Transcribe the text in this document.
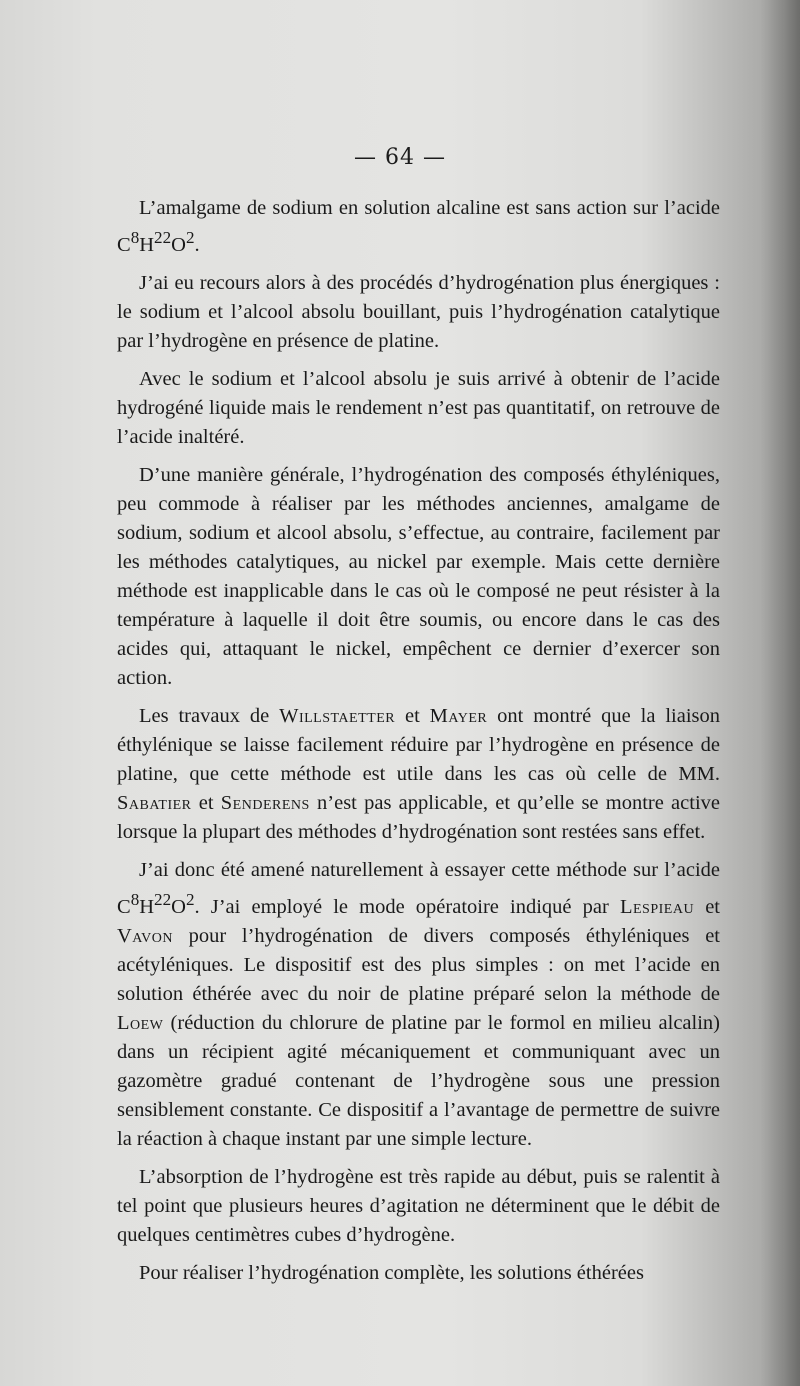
— 64 —

L’amalgame de sodium en solution alcaline est sans action sur l’acide $C^8H^{22}O^2$.

J’ai eu recours alors à des procédés d’hydrogénation plus énergiques : le sodium et l’alcool absolu bouillant, puis l’hydrogénation catalytique par l’hydrogène en présence de platine.

Avec le sodium et l’alcool absolu je suis arrivé à obtenir de l’acide hydrogéné liquide mais le rendement n’est pas quantitatif, on retrouve de l’acide inaltéré.

D’une manière générale, l’hydrogénation des composés éthyléniques, peu commode à réaliser par les méthodes anciennes, amalgame de sodium, sodium et alcool absolu, s’effectue, au contraire, facilement par les méthodes catalytiques, au nickel par exemple. Mais cette dernière méthode est inapplicable dans le cas où le composé ne peut résister à la température à laquelle il doit être soumis, ou encore dans le cas des acides qui, attaquant le nickel, empêchent ce dernier d’exercer son action.

Les travaux de Willstaetter et Mayer ont montré que la liaison éthylénique se laisse facilement réduire par l’hydrogène en présence de platine, que cette méthode est utile dans les cas où celle de MM. Sabatier et Senderens n’est pas applicable, et qu’elle se montre active lorsque la plupart des méthodes d’hydrogénation sont restées sans effet.

J’ai donc été amené naturellement à essayer cette méthode sur l’acide $C^8H^{22}O^2$. J’ai employé le mode opératoire indiqué par Lespieau et Vavon pour l’hydrogénation de divers composés éthyléniques et acétyléniques. Le dispositif est des plus simples : on met l’acide en solution éthérée avec du noir de platine préparé selon la méthode de Loew (réduction du chlorure de platine par le formol en milieu alcalin) dans un récipient agité mécaniquement et communiquant avec un gazomètre gradué contenant de l’hydrogène sous une pression sensiblement constante. Ce dispositif a l’avantage de permettre de suivre la réaction à chaque instant par une simple lecture.

L’absorption de l’hydrogène est très rapide au début, puis se ralentit à tel point que plusieurs heures d’agitation ne déterminent que le débit de quelques centimètres cubes d’hydrogène.

Pour réaliser l’hydrogénation complète, les solutions éthérées
